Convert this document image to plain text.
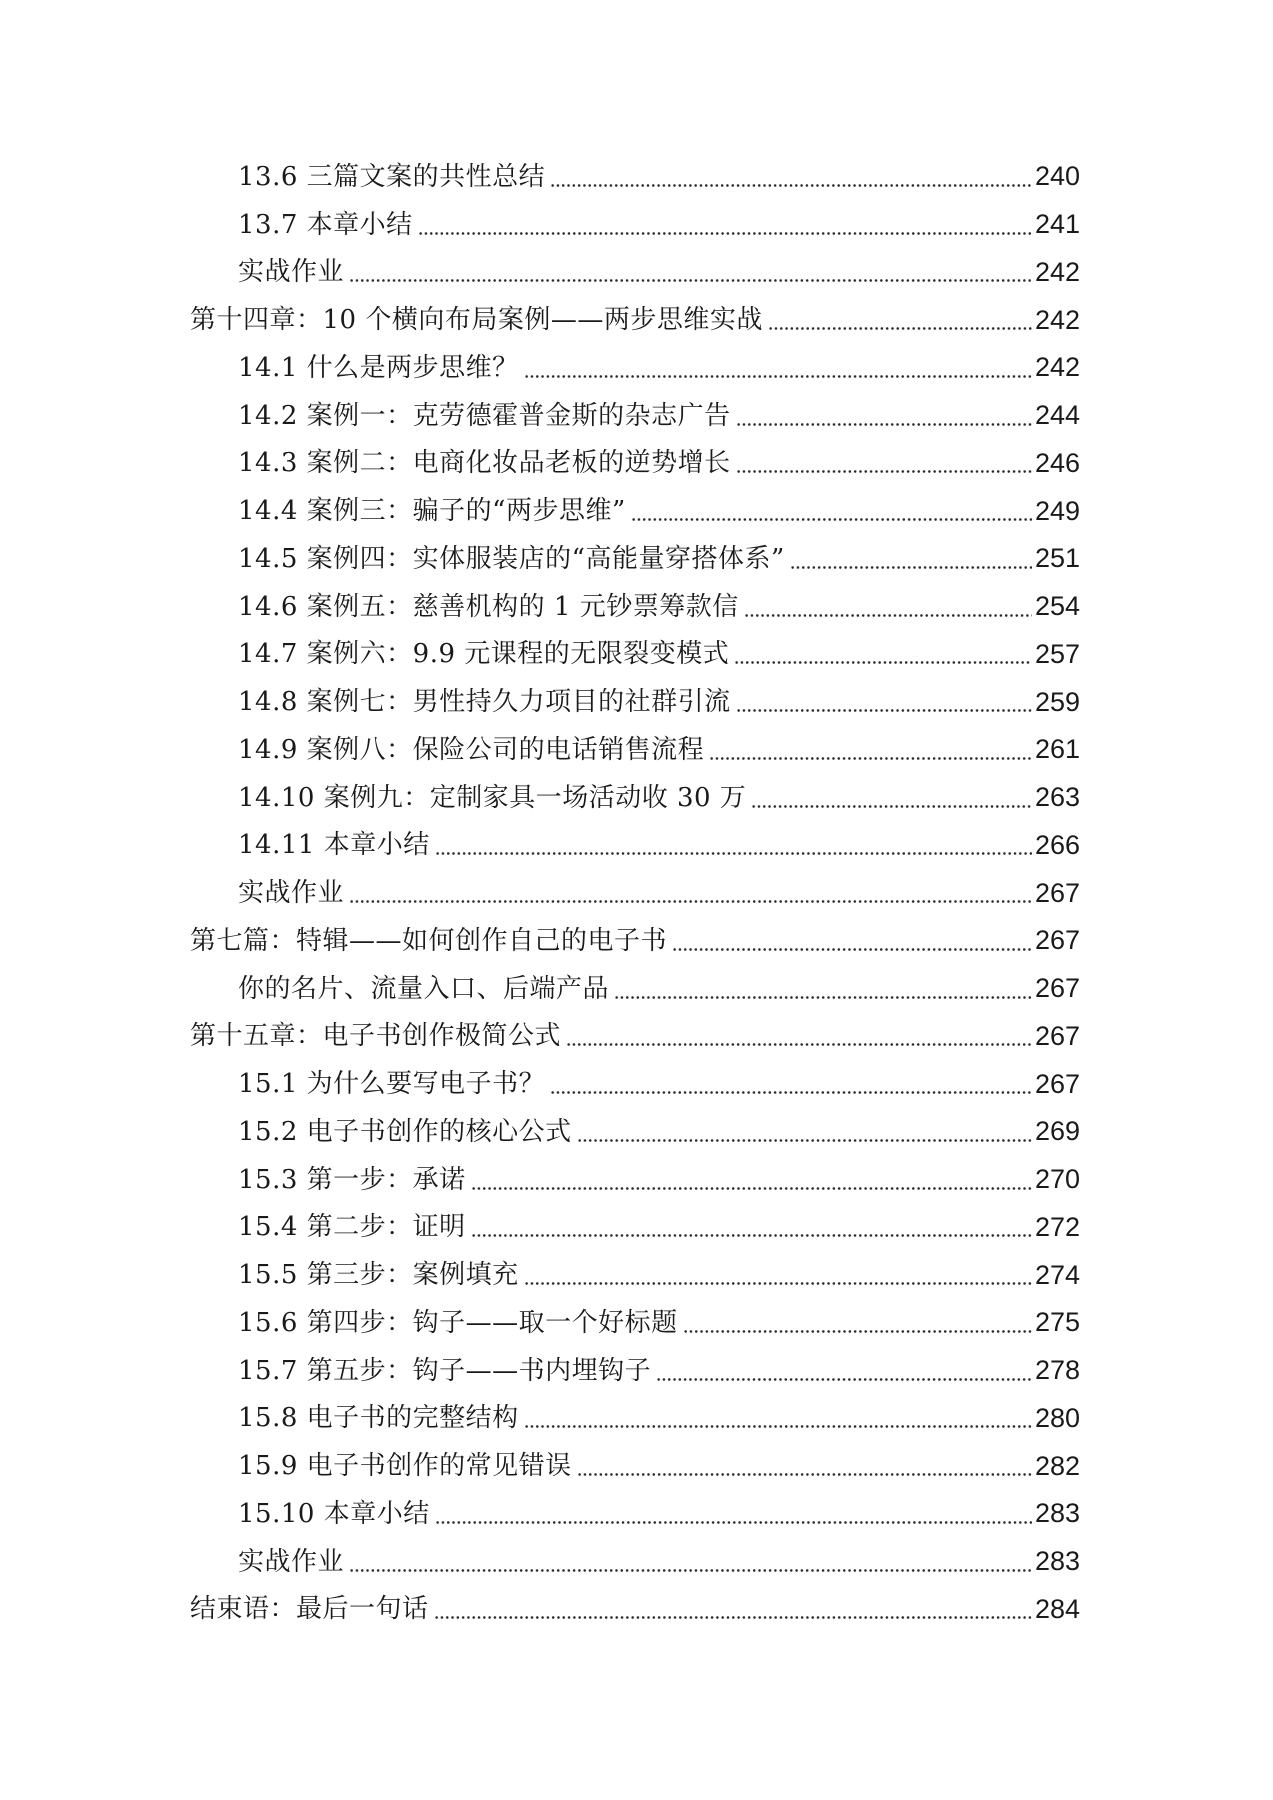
13.6 三篇文案的共性总结	240
13.7 本章小结	241
实战作业	242
第十四章：10 个横向布局案例——两步思维实战	242
14.1 什么是两步思维？	242
14.2 案例一：克劳德霍普金斯的杂志广告	244
14.3 案例二：电商化妆品老板的逆势增长	246
14.4 案例三：骗子的“两步思维”	249
14.5 案例四：实体服装店的“高能量穿搭体系”	251
14.6 案例五：慈善机构的 1 元钞票筹款信	254
14.7 案例六：9.9 元课程的无限裂变模式	257
14.8 案例七：男性持久力项目的社群引流	259
14.9 案例八：保险公司的电话销售流程	261
14.10 案例九：定制家具一场活动收 30 万	263
14.11 本章小结	266
实战作业	267
第七篇：特辑——如何创作自己的电子书	267
你的名片、流量入口、后端产品	267
第十五章：电子书创作极简公式	267
15.1 为什么要写电子书？	267
15.2 电子书创作的核心公式	269
15.3 第一步：承诺	270
15.4 第二步：证明	272
15.5 第三步：案例填充	274
15.6 第四步：钩子——取一个好标题	275
15.7 第五步：钩子——书内埋钩子	278
15.8 电子书的完整结构	280
15.9 电子书创作的常见错误	282
15.10 本章小结	283
实战作业	283
结束语：最后一句话	284
